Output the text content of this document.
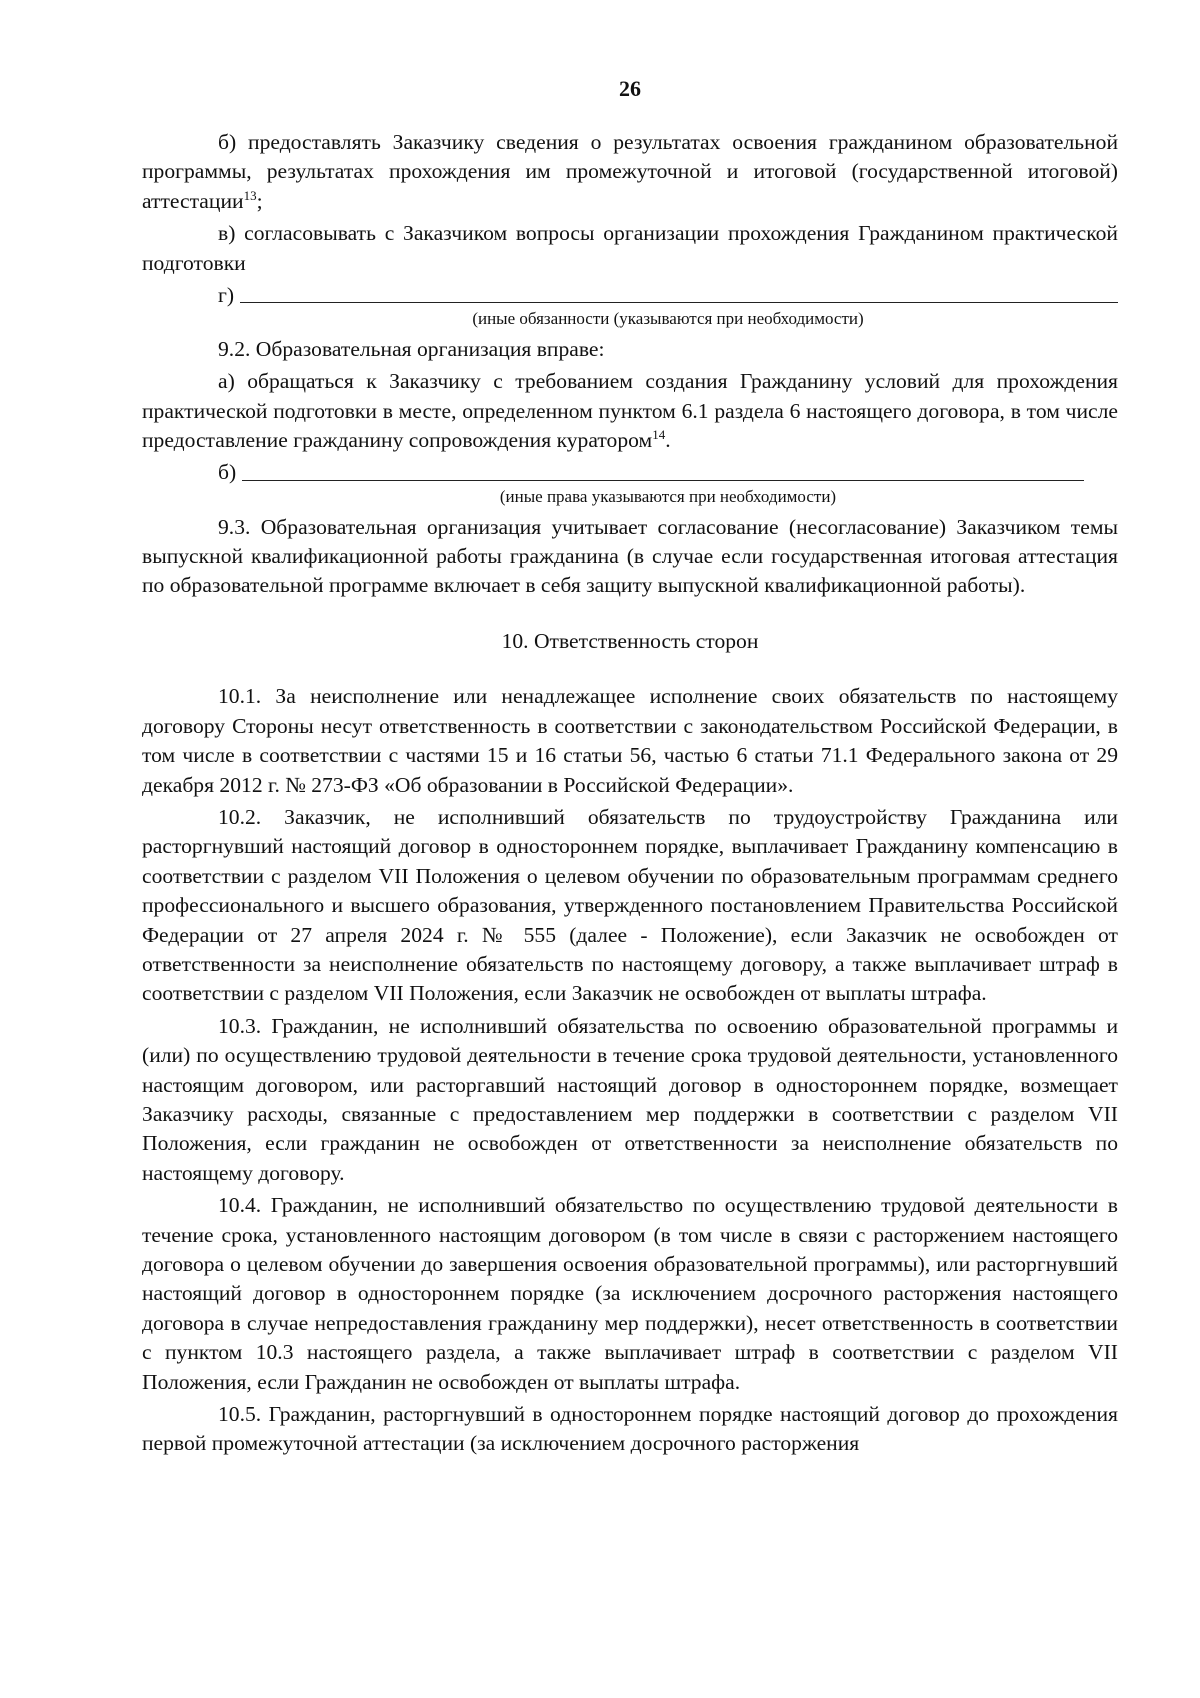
26

б) предоставлять Заказчику сведения о результатах освоения гражданином образовательной программы, результатах прохождения им промежуточной и итоговой (государственной итоговой) аттестации$^{13}$;

в) согласовывать с Заказчиком вопросы организации прохождения Гражданином практической подготовки

г)
(иные обязанности (указываются при необходимости)

9.2. Образовательная организация вправе:

а) обращаться к Заказчику с требованием создания Гражданину условий для прохождения практической подготовки в месте, определенном пунктом 6.1 раздела 6 настоящего договора, в том числе предоставление гражданину сопровождения куратором$^{14}$.

б)
(иные права указываются при необходимости)

9.3. Образовательная организация учитывает согласование (несогласование) Заказчиком темы выпускной квалификационной работы гражданина (в случае если государственная итоговая аттестация по образовательной программе включает в себя защиту выпускной квалификационной работы).

10. Ответственность сторон

10.1. За неисполнение или ненадлежащее исполнение своих обязательств по настоящему договору Стороны несут ответственность в соответствии с законодательством Российской Федерации, в том числе в соответствии с частями 15 и 16 статьи 56, частью 6 статьи 71.1 Федерального закона от 29 декабря 2012 г. № 273-ФЗ «Об образовании в Российской Федерации».

10.2. Заказчик, не исполнивший обязательств по трудоустройству Гражданина или расторгнувший настоящий договор в одностороннем порядке, выплачивает Гражданину компенсацию в соответствии с разделом VII Положения о целевом обучении по образовательным программам среднего профессионального и высшего образования, утвержденного постановлением Правительства Российской Федерации от 27 апреля 2024 г. № 555 (далее - Положение), если Заказчик не освобожден от ответственности за неисполнение обязательств по настоящему договору, а также выплачивает штраф в соответствии с разделом VII Положения, если Заказчик не освобожден от выплаты штрафа.

10.3. Гражданин, не исполнивший обязательства по освоению образовательной программы и (или) по осуществлению трудовой деятельности в течение срока трудовой деятельности, установленного настоящим договором, или расторгавший настоящий договор в одностороннем порядке, возмещает Заказчику расходы, связанные с предоставлением мер поддержки в соответствии с разделом VII Положения, если гражданин не освобожден от ответственности за неисполнение обязательств по настоящему договору.

10.4. Гражданин, не исполнивший обязательство по осуществлению трудовой деятельности в течение срока, установленного настоящим договором (в том числе в связи с расторжением настоящего договора о целевом обучении до завершения освоения образовательной программы), или расторгнувший настоящий договор в одностороннем порядке (за исключением досрочного расторжения настоящего договора в случае непредоставления гражданину мер поддержки), несет ответственность в соответствии с пунктом 10.3 настоящего раздела, а также выплачивает штраф в соответствии с разделом VII Положения, если Гражданин не освобожден от выплаты штрафа.

10.5. Гражданин, расторгнувший в одностороннем порядке настоящий договор до прохождения первой промежуточной аттестации (за исключением досрочного расторжения
